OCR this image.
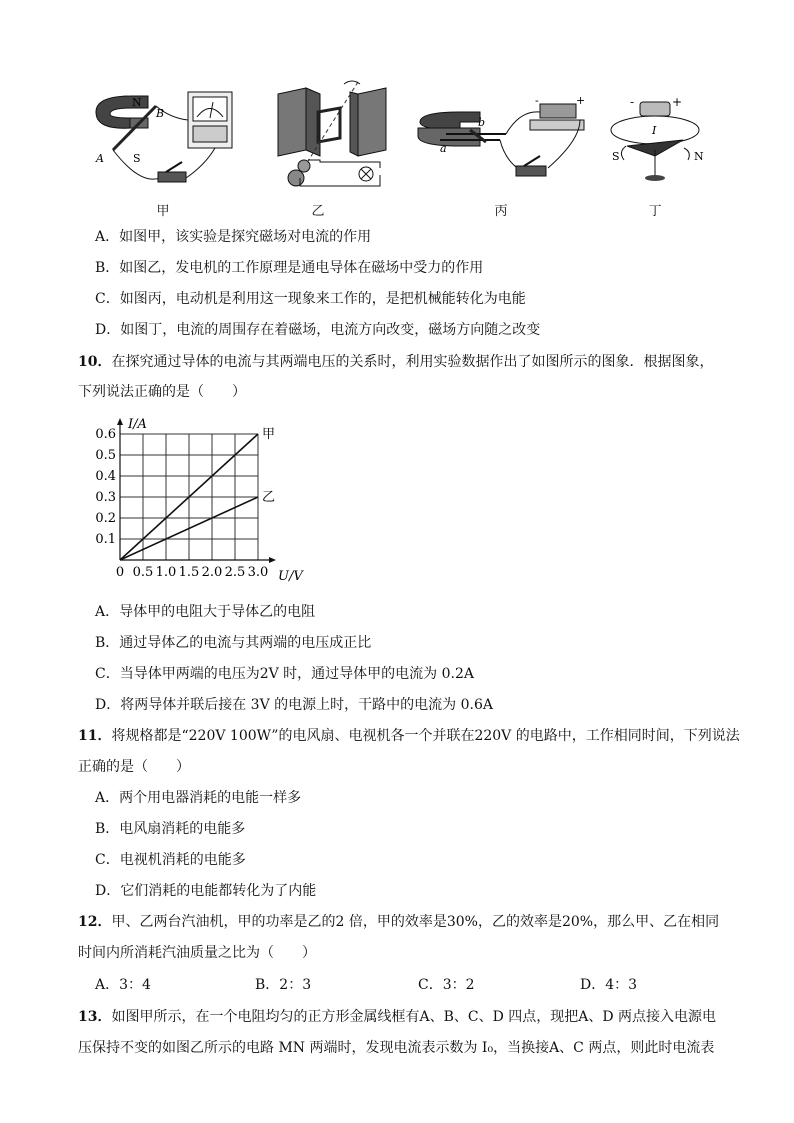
N
B
A	S
a
b
-	+	-	+
I
S	N
甲	乙	丙	丁
A．如图甲，该实验是探究磁场对电流的作用
B．如图乙，发电机的工作原理是通电导体在磁场中受力的作用
C．如图丙，电动机是利用这一现象来工作的，是把机械能转化为电能
D．如图丁，电流的周围存在着磁场，电流方向改变，磁场方向随之改变
10．在探究通过导体的电流与其两端电压的关系时，利用实验数据作出了如图所示的图象．根据图象，
下列说法正确的是（　　）
0 0.5 1.0 1.5 2.0 2.5 3.0
0.1
0.2
0.3
0.4
0.5
0.6
U/V
I/A
甲
乙
A．导体甲的电阻大于导体乙的电阻
B．通过导体乙的电流与其两端的电压成正比
C．当导体甲两端的电压为2V 时，通过导体甲的电流为 0.2A
D．将两导体并联后接在 3V 的电源上时，干路中的电流为 0.6A
11．将规格都是“220V 100W”的电风扇、电视机各一个并联在220V 的电路中，工作相同时间，下列说法
正确的是（　　）
A．两个用电器消耗的电能一样多
B．电风扇消耗的电能多
C．电视机消耗的电能多
D．它们消耗的电能都转化为了内能
12．甲、乙两台汽油机，甲的功率是乙的2 倍，甲的效率是30%，乙的效率是20%，那么甲、乙在相同
时间内所消耗汽油质量之比为（　　）
A．3：4	B．2：3	C．3：2	D．4：3
13．如图甲所示，在一个电阻均匀的正方形金属线框有A、B、C、D 四点，现把A、D 两点接入电源电
压保持不变的如图乙所示的电路 MN 两端时，发现电流表示数为 I₀，当换接A、C 两点，则此时电流表
